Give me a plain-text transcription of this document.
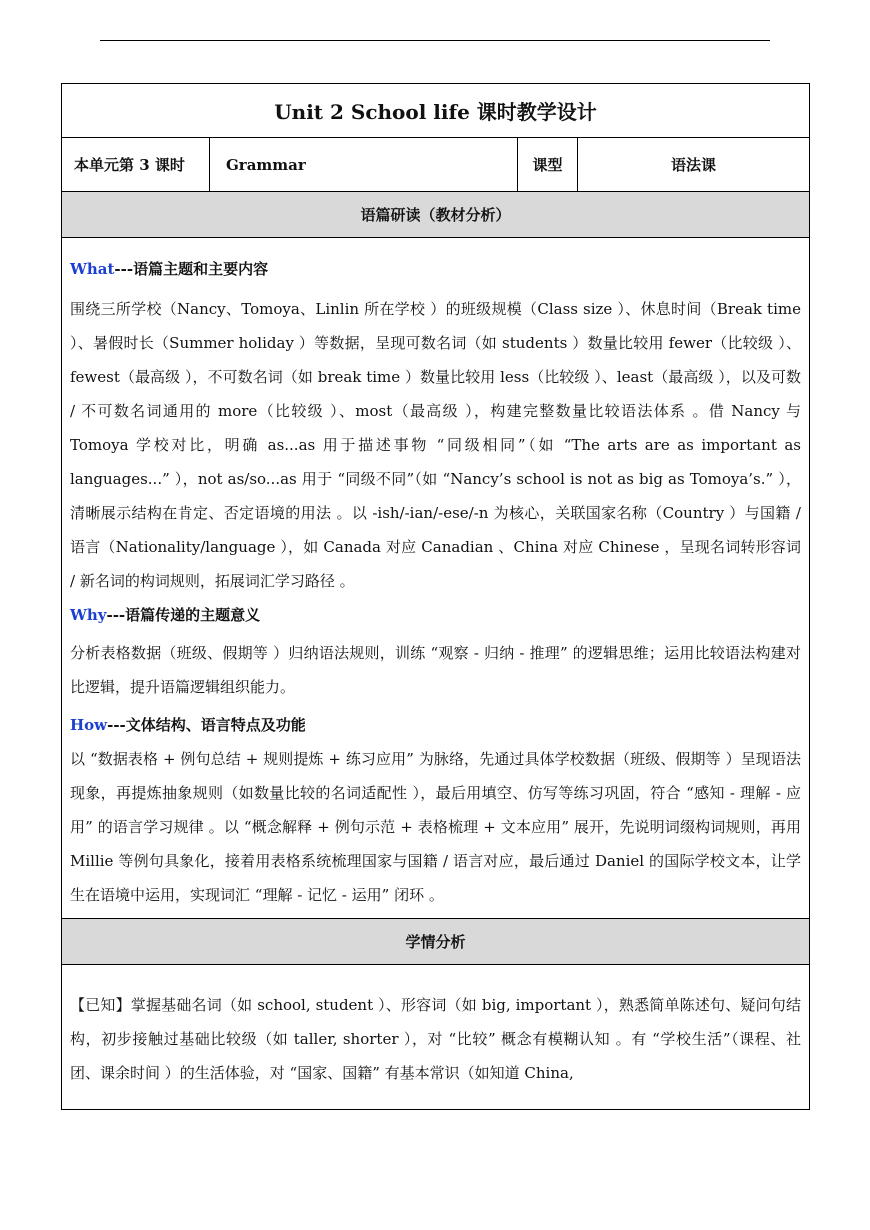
Unit 2 School life 课时教学设计
本单元第 3 课时	Grammar	课型	语法课
语篇研读（教材分析）

What---语篇主题和主要内容

围绕三所学校（Nancy、Tomoya、Linlin 所在学校 ）的班级规模（Class size ）、休息时间（Break time ）、暑假时长（Summer holiday ）等数据，呈现可数名词（如 students ）数量比较用 fewer（比较级 ）、fewest（最高级 ），不可数名词（如 break time ）数量比较用 less（比较级 ）、least（最高级 ），以及可数 / 不可数名词通用的 more（比较级 ）、most（最高级 ），构建完整数量比较语法体系 。借 Nancy 与 Tomoya 学校对比，明确 as...as 用于描述事物 “同级相同”（如 “The arts are as important as languages...” ），not as/so...as 用于 “同级不同”（如 “Nancy’s school is not as big as Tomoya’s.” ），清晰展示结构在肯定、否定语境的用法 。以 -ish/-ian/-ese/-n 为核心，关联国家名称（Country ）与国籍 / 语言（Nationality/language ），如 Canada 对应 Canadian 、China 对应 Chinese ，呈现名词转形容词 / 新名词的构词规则，拓展词汇学习路径 。

Why---语篇传递的主题意义

分析表格数据（班级、假期等 ）归纳语法规则，训练 “观察 - 归纳 - 推理” 的逻辑思维；运用比较语法构建对比逻辑，提升语篇逻辑组织能力。

How---文体结构、语言特点及功能

以 “数据表格 + 例句总结 + 规则提炼 + 练习应用” 为脉络，先通过具体学校数据（班级、假期等 ）呈现语法现象，再提炼抽象规则（如数量比较的名词适配性 ），最后用填空、仿写等练习巩固，符合 “感知 - 理解 - 应用” 的语言学习规律 。以 “概念解释 + 例句示范 + 表格梳理 + 文本应用” 展开，先说明词缀构词规则，再用 Millie 等例句具象化，接着用表格系统梳理国家与国籍 / 语言对应，最后通过 Daniel 的国际学校文本，让学生在语境中运用，实现词汇 “理解 - 记忆 - 运用” 闭环 。

学情分析

【已知】掌握基础名词（如 school, student ）、形容词（如 big, important ），熟悉简单陈述句、疑问句结构，初步接触过基础比较级（如 taller, shorter ），对 “比较” 概念有模糊认知 。有 “学校生活”（课程、社团、课余时间 ）的生活体验，对 “国家、国籍” 有基本常识（如知道 China,
